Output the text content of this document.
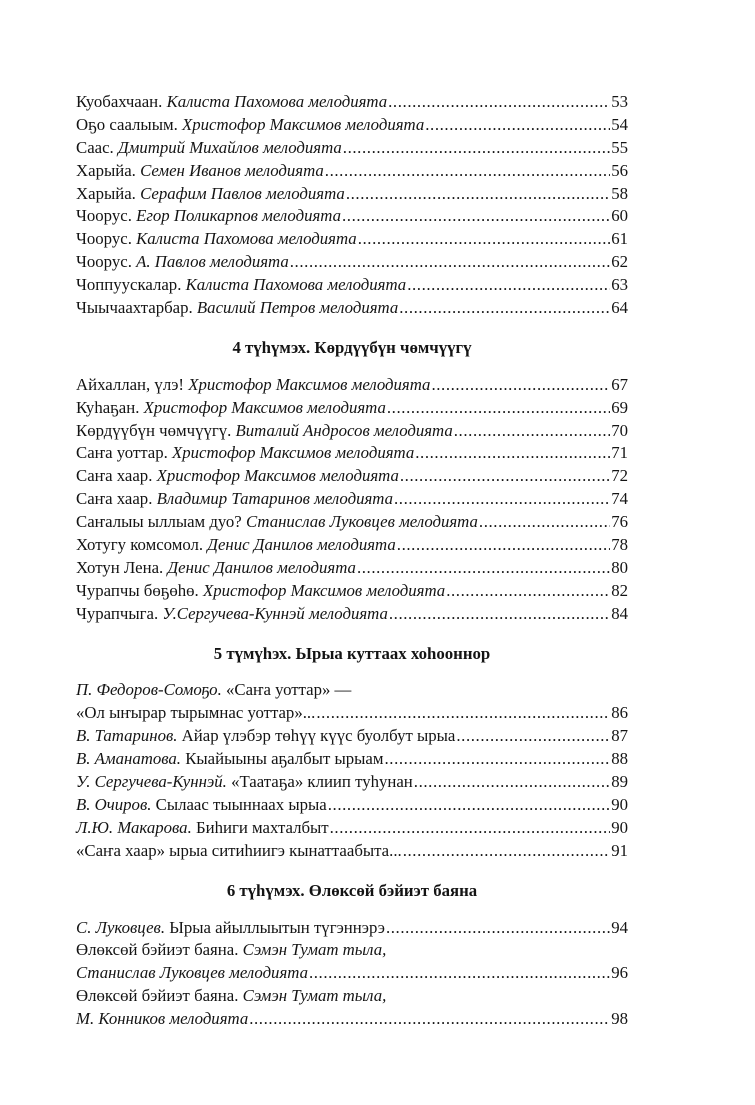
Куобахчаан. Калиста Пахомова мелодията .....	53
Оҕо саалыым. Христофор Максимов мелодията .....	54
Саас. Дмитрий Михайлов мелодията .....	55
Харыйа. Семен Иванов мелодията .....	56
Харыйа. Серафим Павлов мелодията .....	58
Чоорус. Егор Поликарпов мелодията .....	60
Чоорус. Калиста Пахомова мелодията .....	61
Чоорус. А. Павлов мелодията .....	62
Чоппуускалар. Калиста Пахомова мелодията .....	63
Чыычаахтарбар. Василий Петров мелодията .....	64
4 түһүмэх. Көрдүүбүн чөмчүүгү
Айхаллан, үлэ! Христофор Максимов мелодията .....	67
Куһаҕан. Христофор Максимов мелодията .....	69
Көрдүүбүн чөмчүүгү. Виталий Андросов мелодията .....	70
Саҥа уоттар. Христофор Максимов мелодията .....	71
Саҥа хаар. Христофор Максимов мелодията .....	72
Саҥа хаар. Владимир Татаринов мелодията .....	74
Саҥалыы ыллыам дуо? Станислав Луковцев мелодията .....	76
Хотугу комсомол. Денис Данилов мелодията .....	78
Хотун Лена. Денис Данилов мелодията .....	80
Чурапчы бөҕөһө. Христофор Максимов мелодията .....	82
Чурапчыга. У.Сергучева-Куннэй мелодията .....	84
5 түмүһэх. Ырыа куттаах хоһооннор
П. Федоров-Сомоҕо. «Саҥа уоттар» —
«Ол ыҥырар тырымнас уоттар»... .....	86
В. Татаринов. Айар үлэбэр төһүү күүс буолбут ырыа .....	87
В. Аманатова. Кыайыыны аҕалбыт ырыам .....	88
У. Сергучева-Куннэй. «Таатаҕа» клиип туһунан .....	89
В. Очиров. Сылаас тыыннаах ырыа .....	90
Л.Ю. Макарова. Биһиги махталбыт .....	90
«Саҥа хаар» ырыа ситиһиигэ кынаттаабыта... .....	91
6 түһүмэх. Өлөксөй бэйиэт баяна
С. Луковцев. Ырыа айыллыытын түгэннэрэ .....	94
Өлөксөй бэйиэт баяна. Сэмэн Тумат тыла,
Станислав Луковцев мелодията .....	96
Өлөксөй бэйиэт баяна. Сэмэн Тумат тыла,
М. Конников мелодията .....	98
